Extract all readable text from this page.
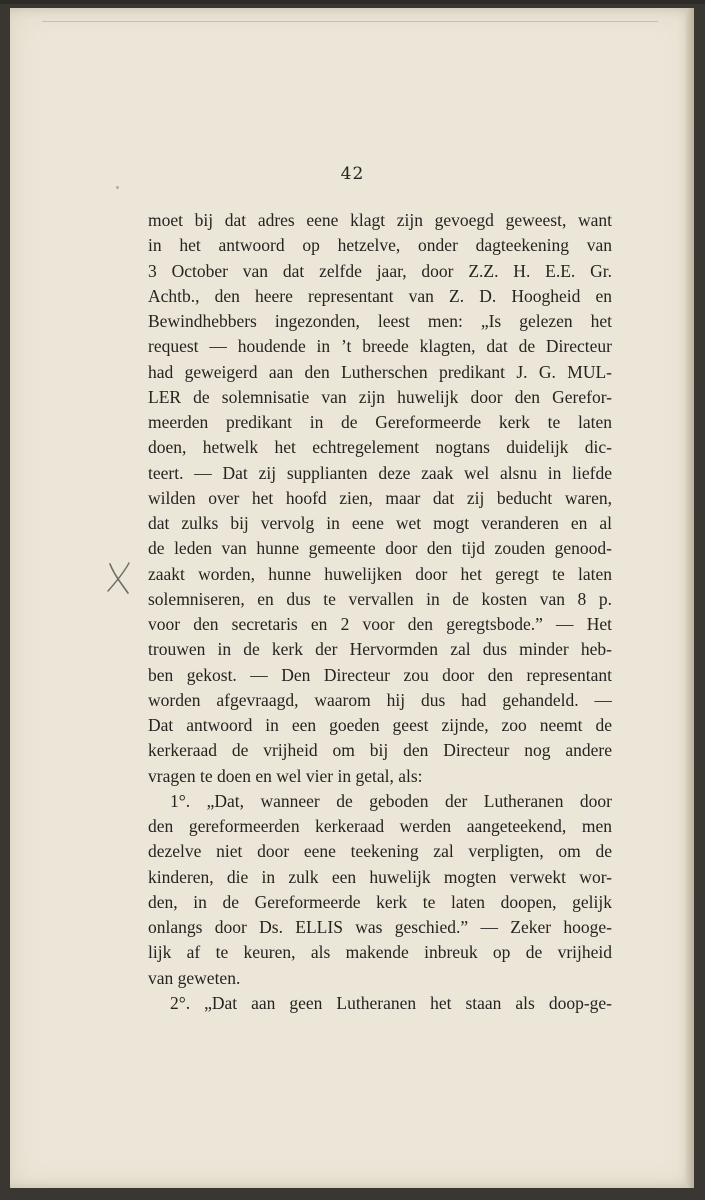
42
moet bij dat adres eene klagt zijn gevoegd geweest, want
in het antwoord op hetzelve, onder dagteekening van
3 October van dat zelfde jaar, door Z.Z. H. E.E. Gr.
Achtb., den heere representant van Z. D. Hoogheid en
Bewindhebbers ingezonden, leest men: „Is gelezen het
request — houdende in ’t breede klagten, dat de Directeur
had geweigerd aan den Lutherschen predikant J. G. MUL-
LER de solemnisatie van zijn huwelijk door den Gerefor-
meerden predikant in de Gereformeerde kerk te laten
doen, hetwelk het echtregelement nogtans duidelijk dic-
teert. — Dat zij supplianten deze zaak wel alsnu in liefde
wilden over het hoofd zien, maar dat zij beducht waren,
dat zulks bij vervolg in eene wet mogt veranderen en al
de leden van hunne gemeente door den tijd zouden genood-
zaakt worden, hunne huwelijken door het geregt te laten
solemniseren, en dus te vervallen in de kosten van 8 p.
voor den secretaris en 2 voor den geregtsbode.” — Het
trouwen in de kerk der Hervormden zal dus minder heb-
ben gekost. — Den Directeur zou door den representant
worden afgevraagd, waarom hij dus had gehandeld. —
Dat antwoord in een goeden geest zijnde, zoo neemt de
kerkeraad de vrijheid om bij den Directeur nog andere
vragen te doen en wel vier in getal, als:
1°. „Dat, wanneer de geboden der Lutheranen door
den gereformeerden kerkeraad werden aangeteekend, men
dezelve niet door eene teekening zal verpligten, om de
kinderen, die in zulk een huwelijk mogten verwekt wor-
den, in de Gereformeerde kerk te laten doopen, gelijk
onlangs door Ds. ELLIS was geschied.” — Zeker hooge-
lijk af te keuren, als makende inbreuk op de vrijheid
van geweten.
2°. „Dat aan geen Lutheranen het staan als doop-ge-
